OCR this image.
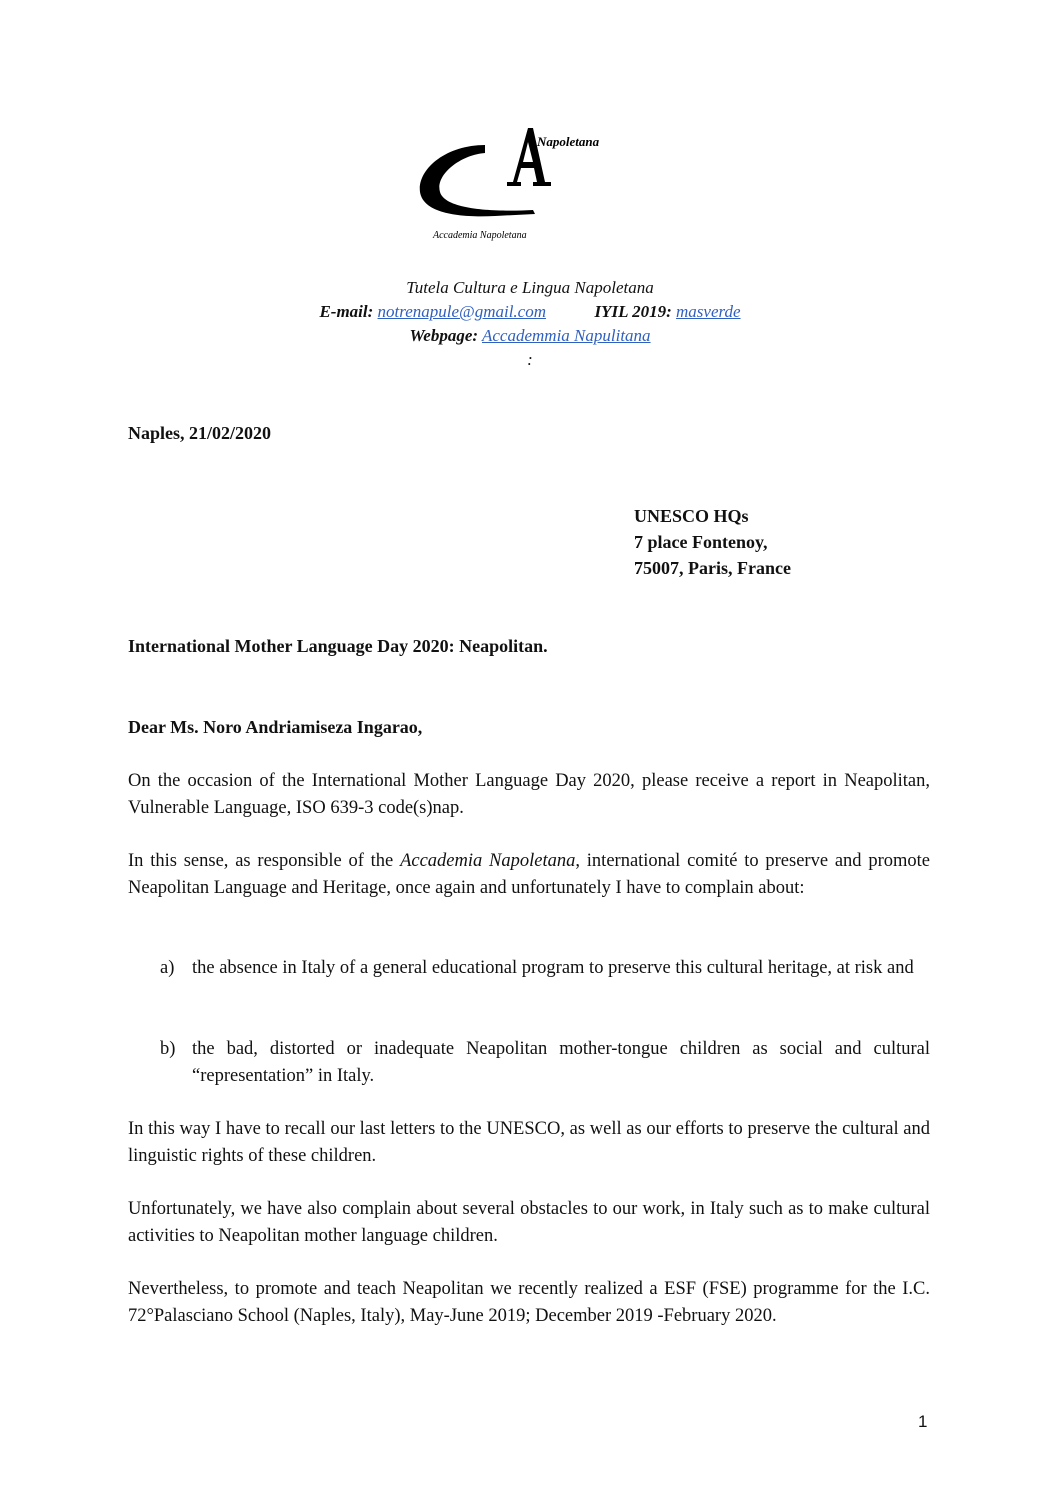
Napoletana
Accademia Napoletana
Tutela Cultura e Lingua Napoletana
E-mail: notrenapule@gmail.com	IYIL 2019: masverde
Webpage: Accademmia Napulitana
:
Naples, 21/02/2020
UNESCO HQs
7 place Fontenoy,
75007, Paris, France
International Mother Language Day 2020: Neapolitan.
Dear Ms. Noro Andriamiseza Ingarao,
On the occasion of the International Mother Language Day 2020, please receive a report in Neapolitan, Vulnerable Language, ISO 639-3 code(s)nap.
In this sense, as responsible of the Accademia Napoletana, international comité to preserve and promote Neapolitan Language and Heritage, once again and unfortunately I have to complain about:
a) the absence in Italy of a general educational program to preserve this cultural heritage, at risk and
b) the bad, distorted or inadequate Neapolitan mother-tongue children as social and cultural “representation” in Italy.
In this way I have to recall our last letters to the UNESCO, as well as our efforts to preserve the cultural and linguistic rights of these children.
Unfortunately, we have also complain about several obstacles to our work, in Italy such as to make cultural activities to Neapolitan mother language children.
Nevertheless, to promote and teach Neapolitan we recently realized a ESF (FSE) programme for the I.C. 72°Palasciano School (Naples, Italy), May-June 2019; December 2019 -February 2020.
1
